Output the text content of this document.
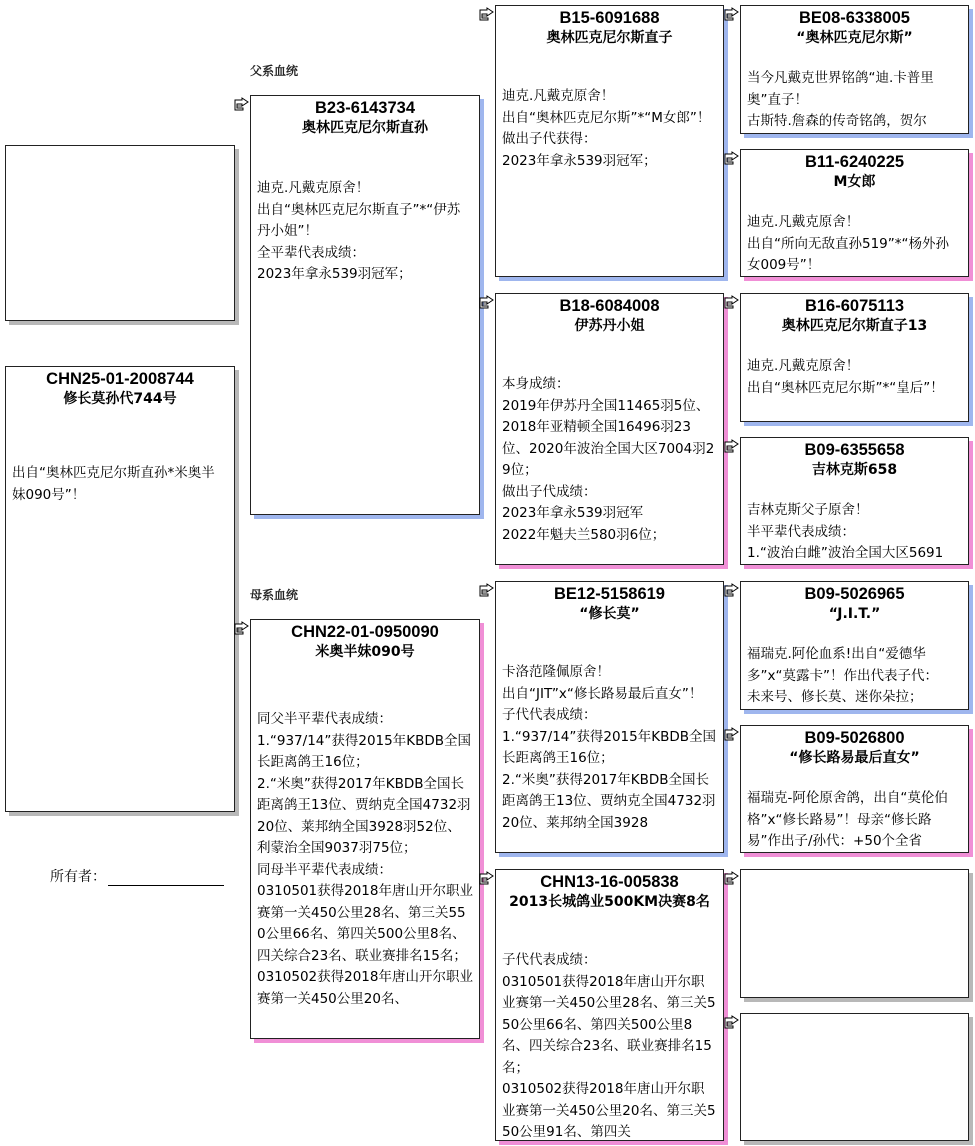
父系血统
母系血统
CHN25-01-2008744
修长莫孙代744号
出自“奥林匹克尼尔斯直孙*米奥半妹090号”！
所有者：
B23-6143734
奥林匹克尼尔斯直孙
迪克.凡戴克原舍！
出自“奥林匹克尼尔斯直子”*“伊苏丹小姐”！
全平辈代表成绩：
2023年拿永539羽冠军；
CHN22-01-0950090
米奥半妹090号
同父半平辈代表成绩：
1.“937/14”获得2015年KBDB全国长距离鸽王16位；
2.“米奥”获得2017年KBDB全国长距离鸽王13位、贾纳克全国4732羽20位、莱邦纳全国3928羽52位、利蒙治全国9037羽75位；
同母半平辈代表成绩：
0310501获得2018年唐山开尔职业赛第一关450公里28名、第三关550公里66名、第四关500公里8名、四关综合23名、联业赛排名15名；
0310502获得2018年唐山开尔职业赛第一关450公里20名、
B15-6091688
奥林匹克尼尔斯直子
迪克.凡戴克原舍！
出自“奥林匹克尼尔斯”*“M女郎”！
做出子代获得：
2023年拿永539羽冠军；
B18-6084008
伊苏丹小姐
本身成绩：
2019年伊苏丹全国11465羽5位、2018年亚精顿全国16496羽23位、2020年波治全国大区7004羽29位；
做出子代成绩：
2023年拿永539羽冠军
2022年魁夫兰580羽6位；
BE12-5158619
“修长莫”
卡洛范隆佩原舍！
出自“JIT”x“修长路易最后直女”！
子代代表成绩：
1.“937/14”获得2015年KBDB全国长距离鸽王16位；
2.“米奥”获得2017年KBDB全国长距离鸽王13位、贾纳克全国4732羽20位、莱邦纳全国3928
CHN13-16-005838
2013长城鸽业500KM决赛8名
子代代表成绩：
0310501获得2018年唐山开尔职业赛第一关450公里28名、第三关550公里66名、第四关500公里8名、四关综合23名、联业赛排名15名；
0310502获得2018年唐山开尔职业赛第一关450公里20名、第三关550公里91名、第四关
BE08-6338005
“奥林匹克尼尔斯”
当今凡戴克世界铭鸽“迪.卡普里奥”直子！
古斯特.詹森的传奇铭鸽，贺尔
B11-6240225
M女郎
迪克.凡戴克原舍！
出自“所向无敌直孙519”*“杨外孙女009号”！
B16-6075113
奥林匹克尼尔斯直子13
迪克.凡戴克原舍！
出自“奥林匹克尼尔斯”*“皇后”！
B09-6355658
吉林克斯658
吉林克斯父子原舍！
半平辈代表成绩：
1.“波治白雌”波治全国大区5691
B09-5026965
“J.I.T.”
福瑞克.阿伦血系!出自“爱德华多”x“莫露卡”！作出代表子代：
未来号、修长莫、迷你朵拉；
B09-5026800
“修长路易最后直女”
福瑞克-阿伦原舍鸽，出自“莫伦伯格”x“修长路易”！母亲“修长路易”作出子/孙代：+50个全省
